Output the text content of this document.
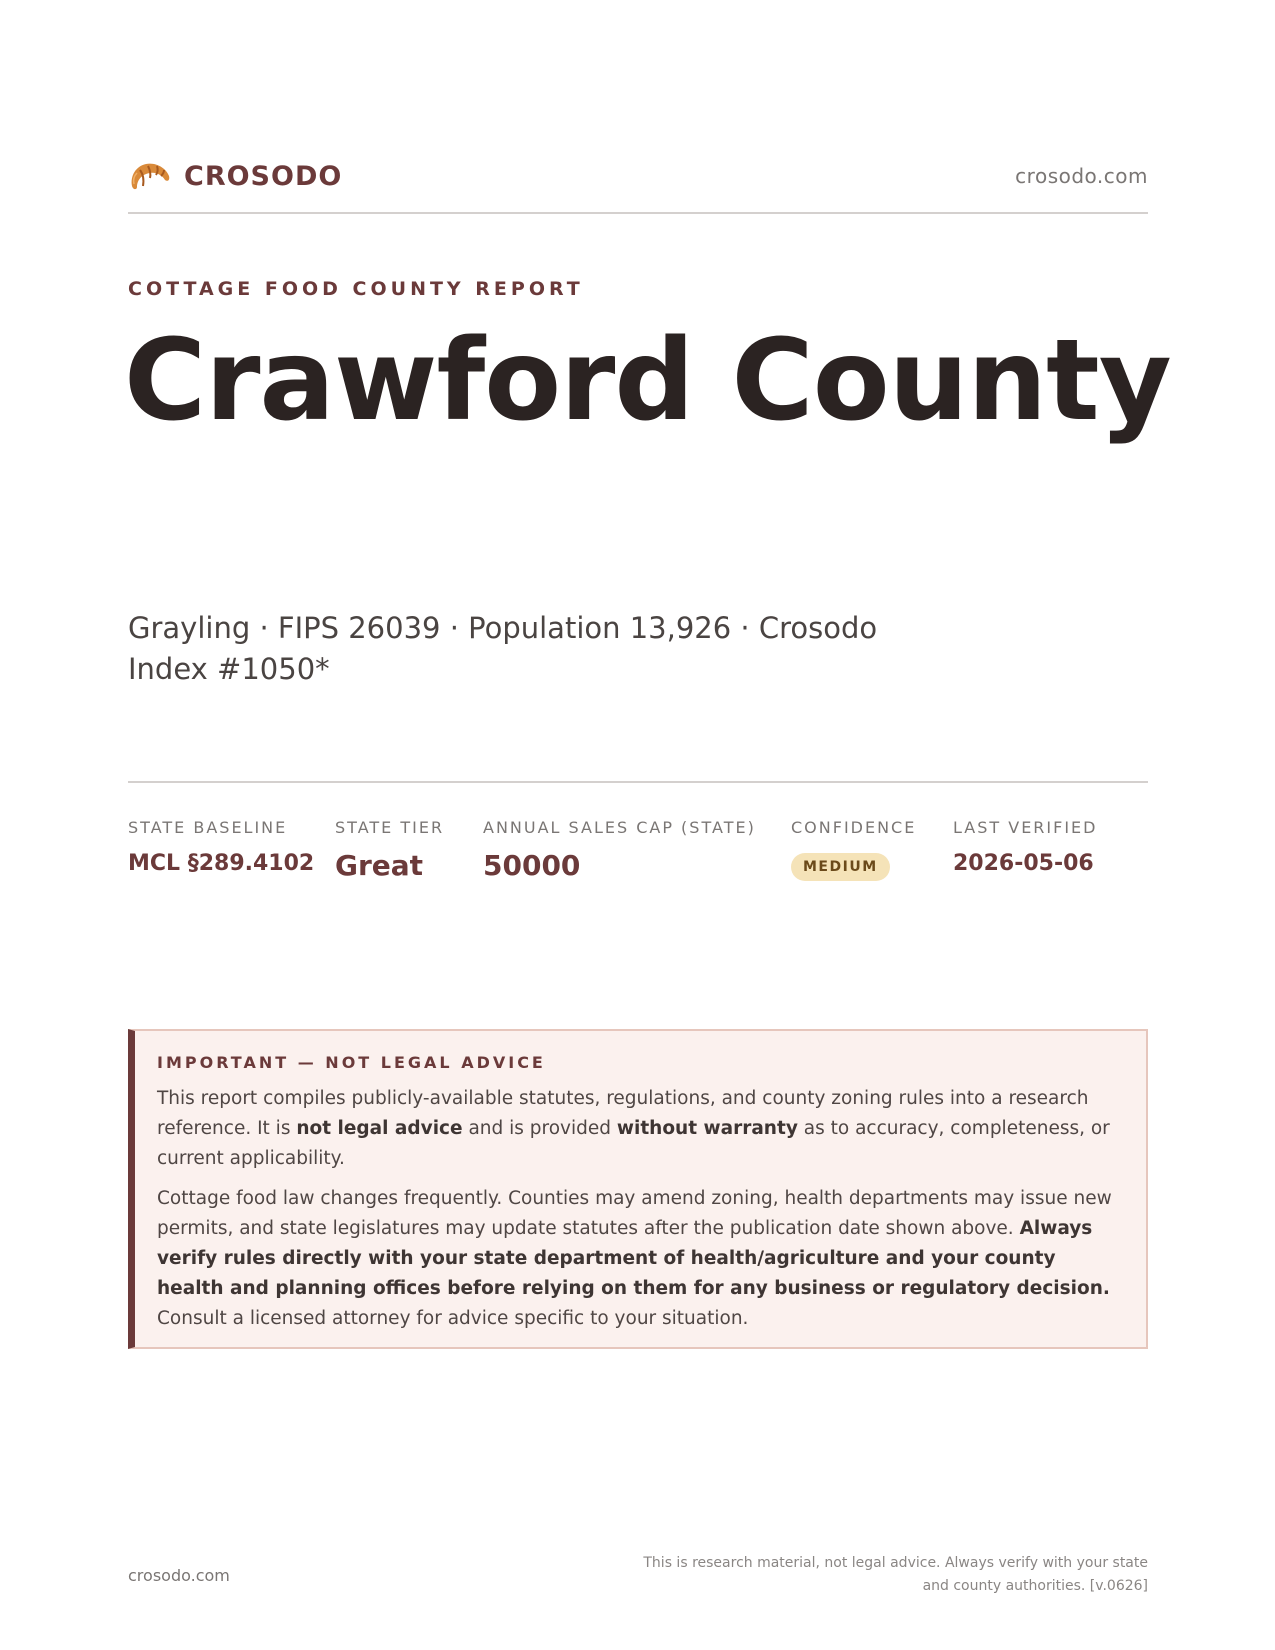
CROSODO	crosodo.com
COTTAGE FOOD COUNTY REPORT
Crawford County
Grayling · FIPS 26039 · Population 13,926 · Crosodo Index #1050*
STATE BASELINE
MCL §289.4102
STATE TIER
Great
ANNUAL SALES CAP (STATE)
50000
CONFIDENCE
MEDIUM
LAST VERIFIED
2026-05-06
IMPORTANT — NOT LEGAL ADVICE

This report compiles publicly-available statutes, regulations, and county zoning rules into a research reference. It is not legal advice and is provided without warranty as to accuracy, completeness, or current applicability.

Cottage food law changes frequently. Counties may amend zoning, health departments may issue new permits, and state legislatures may update statutes after the publication date shown above. Always verify rules directly with your state department of health/agriculture and your county health and planning offices before relying on them for any business or regulatory decision. Consult a licensed attorney for advice specific to your situation.

crosodo.com
This is research material, not legal advice. Always verify with your state and county authorities. [v.0626]
